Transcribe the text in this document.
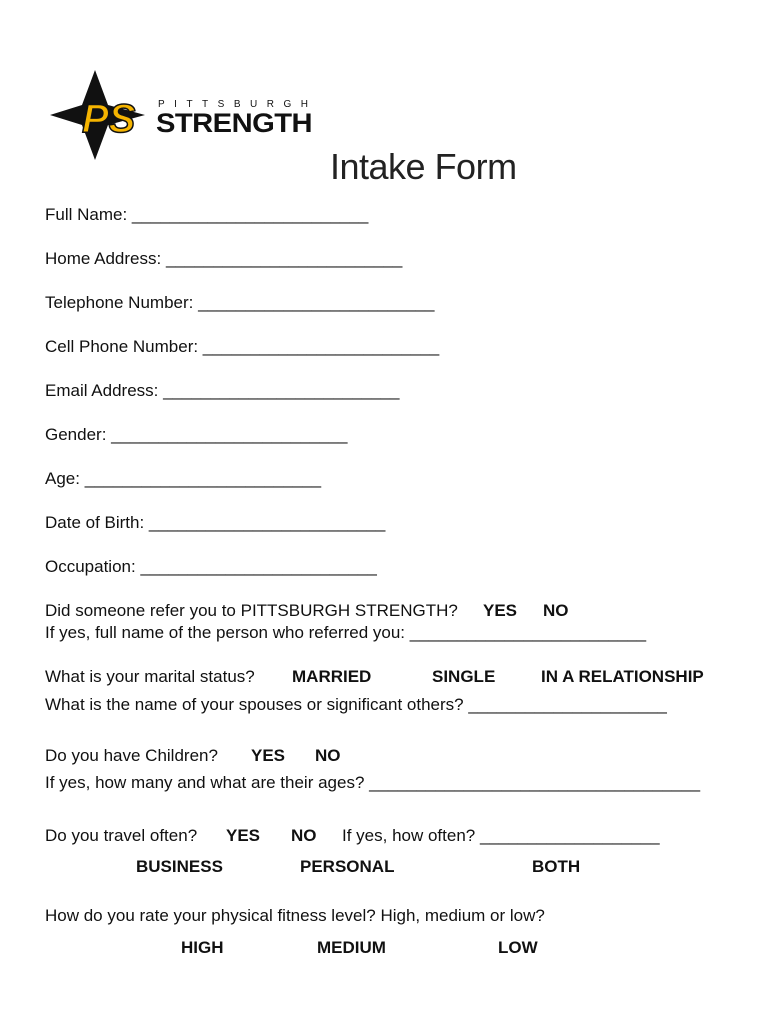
PS PITTSBURGH
STRENGTH
Intake Form
Full Name: _________________________
Home Address: _________________________
Telephone Number: _________________________
Cell Phone Number: _________________________
Email Address: _________________________
Gender: _________________________
Age: _________________________
Date of Birth: _________________________
Occupation: _________________________
Did someone refer you to PITTSBURGH STRENGTH? YES NO
If yes, full name of the person who referred you: _________________________
What is your marital status? MARRIED	SINGLE	IN A RELATIONSHIP
What is the name of your spouses or significant others? _____________________
Do you have Children? YES NO
If yes, how many and what are their ages? ___________________________________
Do you travel often? YES NO If yes, how often? ___________________
BUSINESS	PERSONAL	BOTH
How do you rate your physical fitness level? High, medium or low?
HIGH	MEDIUM	LOW
